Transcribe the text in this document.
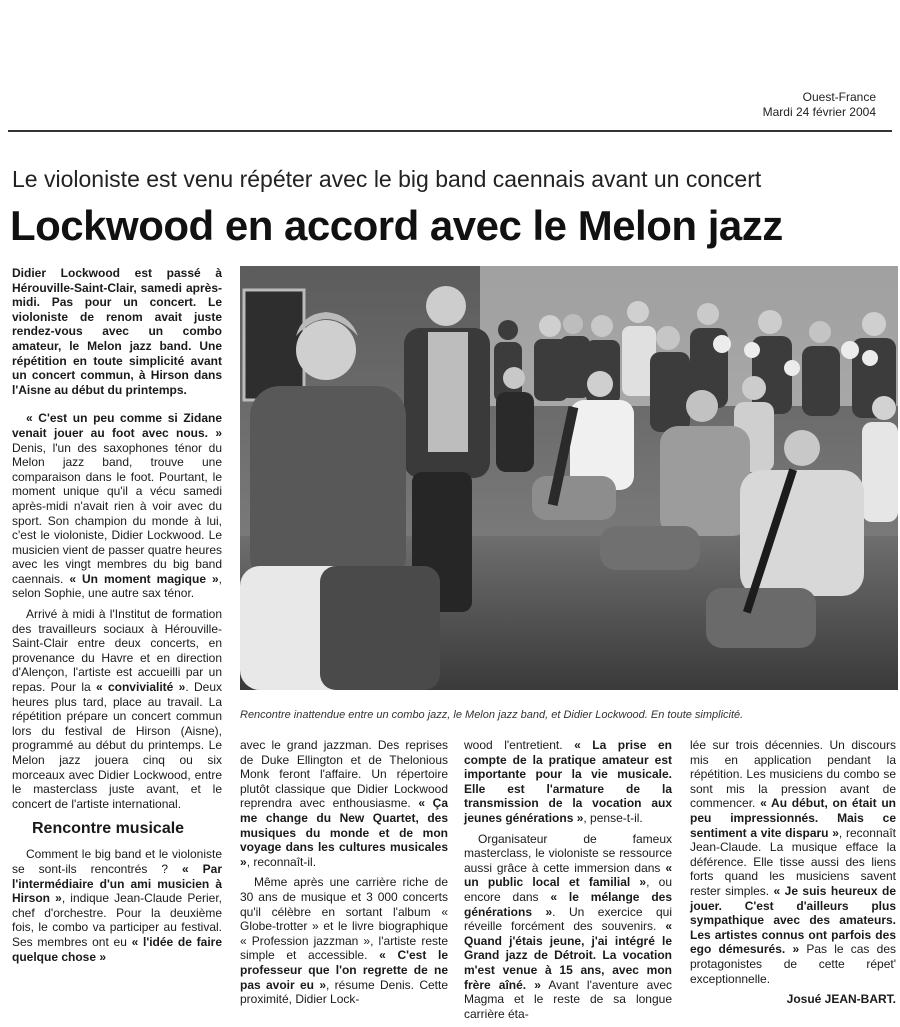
Ouest-France
Mardi 24 février 2004
Le violoniste est venu répéter avec le big band caennais avant un concert
Lockwood en accord avec le Melon jazz

Didier Lockwood est passé à Hérouville-Saint-Clair, samedi après-midi. Pas pour un concert. Le violoniste de renom avait juste rendez-vous avec un combo amateur, le Melon jazz band. Une répétition en toute simplicité avant un concert commun, à Hirson dans l'Aisne au début du printemps.

« C'est un peu comme si Zidane venait jouer au foot avec nous. » Denis, l'un des saxophones ténor du Melon jazz band, trouve une comparaison dans le foot. Pourtant, le moment unique qu'il a vécu samedi après-midi n'avait rien à voir avec du sport. Son champion du monde à lui, c'est le violoniste, Didier Lockwood. Le musicien vient de passer quatre heures avec les vingt membres du big band caennais. « Un moment magique », selon Sophie, une autre sax ténor.

Arrivé à midi à l'Institut de formation des travailleurs sociaux à Hérouville-Saint-Clair entre deux concerts, en provenance du Havre et en direction d'Alençon, l'artiste est accueilli par un repas. Pour la « convivialité ». Deux heures plus tard, place au travail. La répétition prépare un concert commun lors du festival de Hirson (Aisne), programmé au début du printemps. Le Melon jazz jouera cinq ou six morceaux avec Didier Lockwood, entre le masterclass juste avant, et le concert de l'artiste international.

Rencontre musicale

Comment le big band et le violoniste se sont-ils rencontrés ? « Par l'intermédiaire d'un ami musicien à Hirson », indique Jean-Claude Perier, chef d'orchestre. Pour la deuxième fois, le combo va participer au festival. Ses membres ont eu « l'idée de faire quelque chose »

Rencontre inattendue entre un combo jazz, le Melon jazz band, et Didier Lockwood. En toute simplicité.

avec le grand jazzman. Des reprises de Duke Ellington et de Thelonious Monk feront l'affaire. Un répertoire plutôt classique que Didier Lockwood reprendra avec enthousiasme. « Ça me change du New Quartet, des musiques du monde et de mon voyage dans les cultures musicales », reconnaît-il.

Même après une carrière riche de 30 ans de musique et 3 000 concerts qu'il célèbre en sortant l'album « Globe-trotter » et le livre biographique « Profession jazzman », l'artiste reste simple et accessible. « C'est le professeur que l'on regrette de ne pas avoir eu », résume Denis. Cette proximité, Didier Lock-

wood l'entretient. « La prise en compte de la pratique amateur est importante pour la vie musicale. Elle est l'armature de la transmission de la vocation aux jeunes générations », pense-t-il.

Organisateur de fameux masterclass, le violoniste se ressource aussi grâce à cette immersion dans « un public local et familial », ou encore dans « le mélange des générations ». Un exercice qui réveille forcément des souvenirs. « Quand j'étais jeune, j'ai intégré le Grand jazz de Détroit. La vocation m'est venue à 15 ans, avec mon frère aîné. » Avant l'aventure avec Magma et le reste de sa longue carrière éta-

lée sur trois décennies. Un discours mis en application pendant la répétition. Les musiciens du combo se sont mis la pression avant de commencer. « Au début, on était un peu impressionnés. Mais ce sentiment a vite disparu », reconnaît Jean-Claude. La musique efface la déférence. Elle tisse aussi des liens forts quand les musiciens savent rester simples. « Je suis heureux de jouer. C'est d'ailleurs plus sympathique avec des amateurs. Les artistes connus ont parfois des ego démesurés. » Pas le cas des protagonistes de cette répet' exceptionnelle.

Josué JEAN-BART.
